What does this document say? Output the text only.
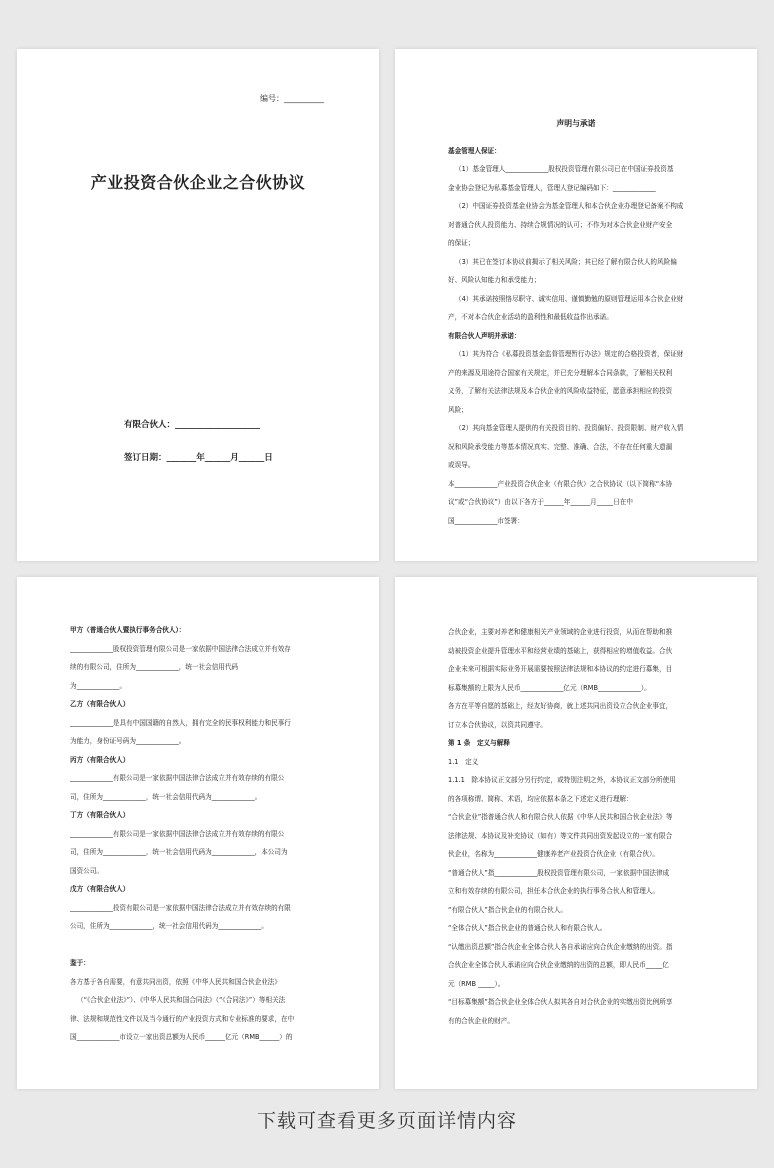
编号：__________
产业投资合伙企业之合伙协议
有限合伙人：____________________
签订日期：_______年______月______日

声明与承诺

基金管理人保证：

（1）基金管理人_____________股权投资管理有限公司已在中国证券投资基

金业协会登记为私募基金管理人，管理人登记编码如下：_____________

（2）中国证券投资基金业协会为基金管理人和本合伙企业办理登记备案不构成

对普通合伙人投资能力、持续合规情况的认可；不作为对本合伙企业财产安全

的保证；

（3）其已在签订本协议前揭示了相关风险；其已经了解有限合伙人的风险偏

好、风险认知能力和承受能力；

（4）其承诺按照恪尽职守、诚实信用、谨慎勤勉的原则管理运用本合伙企业财

产，不对本合伙企业活动的盈利性和最低收益作出承诺。

有限合伙人声明并承诺：

（1）其为符合《私募投资基金监督管理暂行办法》规定的合格投资者，保证财

产的来源及用途符合国家有关规定，并已充分理解本合同条款，了解相关权利

义务，了解有关法律法规及本合伙企业的风险收益特征，愿意承担相应的投资

风险；

（2）其向基金管理人提供的有关投资目的、投资偏好、投资限制、财产收入情

况和风险承受能力等基本情况真实、完整、准确、合法，不存在任何重大遗漏

或误导。

本_____________产业投资合伙企业（有限合伙）之合伙协议（以下简称“本协

议”或“合伙协议”）由以下各方于______年______月_____日在中

国_____________市签署：

甲方（普通合伙人暨执行事务合伙人）：

_____________股权投资管理有限公司是一家依据中国法律合法成立并有效存

续的有限公司，住所为_____________，统一社会信用代码

为_____________。

乙方（有限合伙人）

_____________是具有中国国籍的自然人，拥有完全的民事权利能力和民事行

为能力，身份证号码为_____________。

丙方（有限合伙人）

_____________有限公司是一家依据中国法律合法成立并有效存续的有限公

司，住所为_____________，统一社会信用代码为_____________。

丁方（有限合伙人）

_____________有限公司是一家依据中国法律合法成立并有效存续的有限公

司，住所为_____________，统一社会信用代码为_____________，本公司为

国资公司。

戊方（有限合伙人）

_____________投资有限公司是一家依据中国法律合法成立并有效存续的有限

公司，住所为_____________，统一社会信用代码为_____________。

鉴于：

各方基于各自需要，有意共同出资，依照《中华人民共和国合伙企业法》

（“《合伙企业法》”）、《中华人民共和国合同法》（“《合同法》”）等相关法

律、法规和规范性文件以及当今通行的产业投资方式和专业标准的要求，在中

国_____________市设立一家出资总额为人民币______亿元（RMB______）的

合伙企业，主要对养老和健康相关产业领域的企业进行投资，从而在帮助和推

动被投资企业提升管理水平和经营业绩的基础上，获得相应的增值收益。合伙

企业未来可根据实际业务开展需要按照法律法规和本协议的约定进行募集，目

标募集额的上限为人民币_____________亿元（RMB_____________）。

各方在平等自愿的基础上，经友好协商，就上述共同出资设立合伙企业事宜，

订立本合伙协议，以资共同遵守。

第 1 条　定义与解释

1.1　定义

1.1.1　除本协议正文部分另行约定，或特别注明之外，本协议正文部分所使用

的各项称谓、简称、术语，均应依据本条之下述定义进行理解：

“合伙企业”指普通合伙人和有限合伙人依据《中华人民共和国合伙企业法》等

法律法规、本协议及补充协议（如有）等文件共同出资发起设立的一家有限合

伙企业，名称为_____________健康养老产业投资合伙企业（有限合伙）。

“普通合伙人”指_____________股权投资管理有限公司，一家依据中国法律成

立和有效存续的有限公司，担任本合伙企业的执行事务合伙人和管理人。

“有限合伙人”指合伙企业的有限合伙人。

“全体合伙人”指合伙企业的普通合伙人和有限合伙人。

“认缴出资总额”指合伙企业全体合伙人各自承诺应向合伙企业缴纳的出资。指

合伙企业全体合伙人承诺应向合伙企业缴纳的出资的总额，即人民币_____亿

元（RMB _____）。

“目标募集额”指合伙企业全体合伙人拟其各自对合伙企业的实缴出资比例所享

有的合伙企业的财产。

下载可查看更多页面详情内容
